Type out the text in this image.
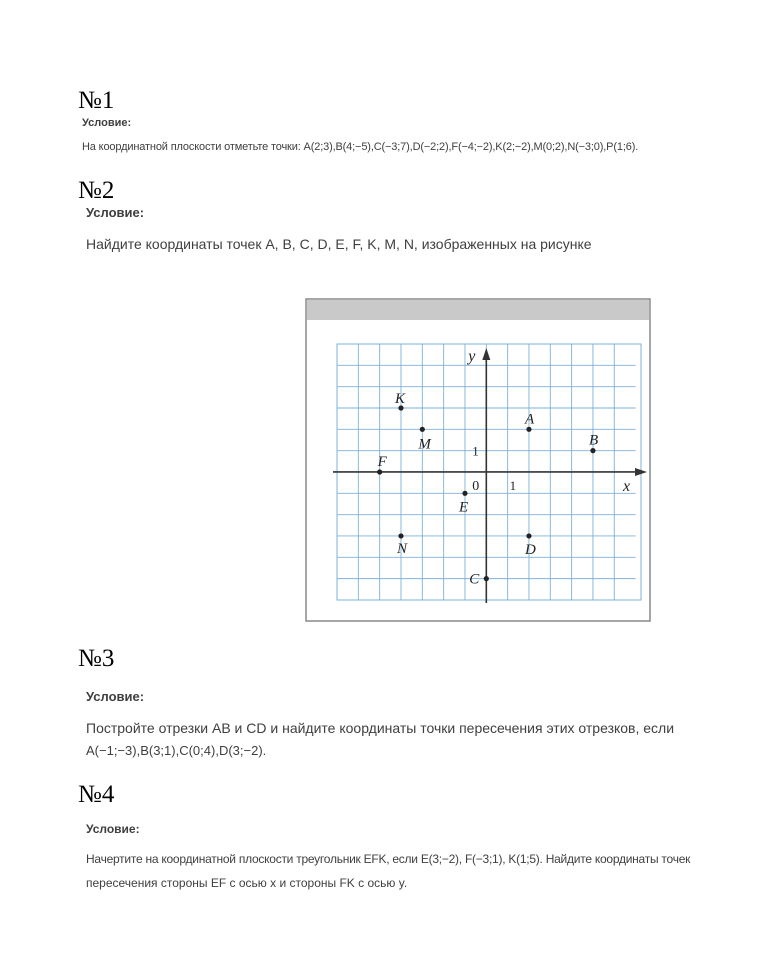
№1
Условие:
На координатной плоскости отметьте точки: A(2;3),B(4;−5),C(−3;7),D(−2;2),F(−4;−2),K(2;−2),M(0;2),N(−3;0),P(1;6).
№2
Условие:
Найдите координаты точек A, B, C, D, E, F, K, M, N, изображенных на рисунке
x
y
0 1
1
A
B
C
D
E
F
K
M
N
№3
Условие:
Постройте отрезки AB и CD и найдите координаты точки пересечения этих отрезков, если
A(−1;−3),B(3;1),C(0;4),D(3;−2).
№4
Условие:
Начертите на координатной плоскости треугольник EFK, если E(3;−2), F(−3;1), K(1;5). Найдите координаты точек
пересечения стороны EF с осью x и стороны FK с осью y.
